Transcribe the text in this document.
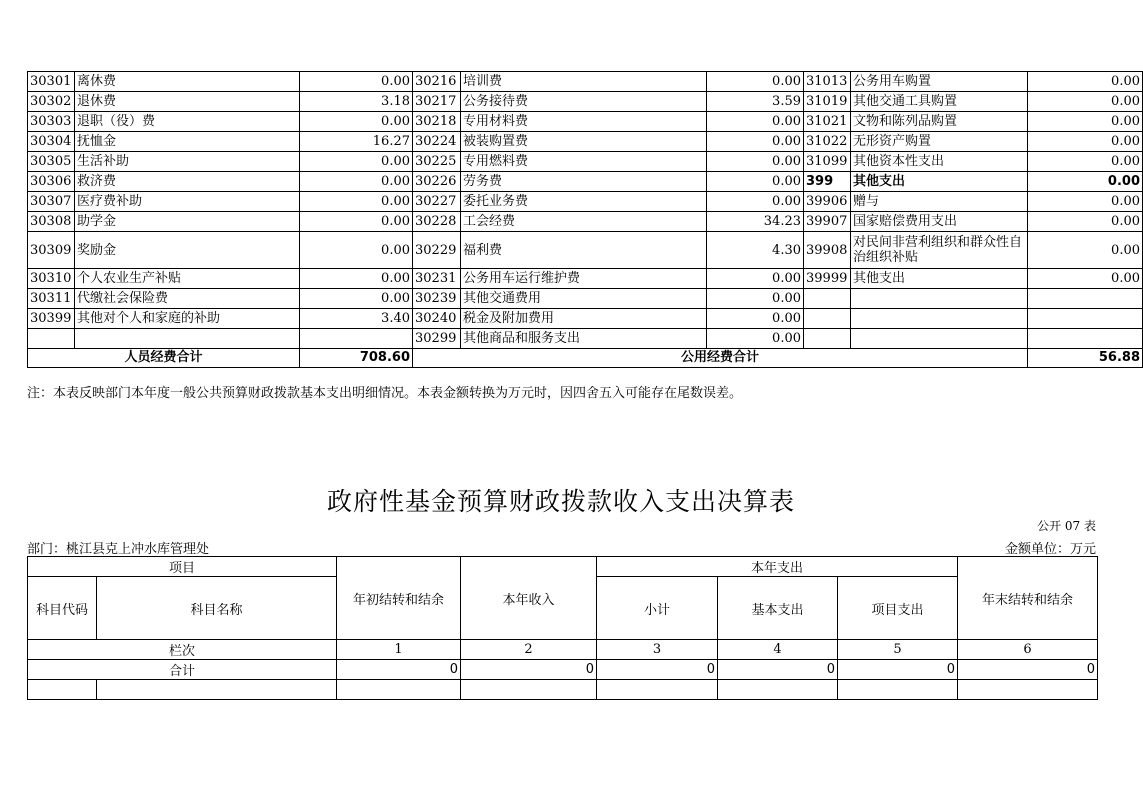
30301	离休费	0.00	30216	培训费	0.00	31013	公务用车购置	0.00
30302	退休费	3.18	30217	公务接待费	3.59	31019	其他交通工具购置	0.00
30303	退职（役）费	0.00	30218	专用材料费	0.00	31021	文物和陈列品购置	0.00
30304	抚恤金	16.27	30224	被装购置费	0.00	31022	无形资产购置	0.00
30305	生活补助	0.00	30225	专用燃料费	0.00	31099	其他资本性支出	0.00
30306	救济费	0.00	30226	劳务费	0.00	399	其他支出	0.00
30307	医疗费补助	0.00	30227	委托业务费	0.00	39906	赠与	0.00
30308	助学金	0.00	30228	工会经费	34.23	39907	国家赔偿费用支出	0.00
30309	奖励金	0.00	30229	福利费	4.30	39908	对民间非营利组织和群众性自治组织补贴	0.00
30310	个人农业生产补贴	0.00	30231	公务用车运行维护费	0.00	39999	其他支出	0.00
30311	代缴社会保险费	0.00	30239	其他交通费用	0.00			
30399	其他对个人和家庭的补助	3.40	30240	税金及附加费用	0.00			
			30299	其他商品和服务支出	0.00			
人员经费合计		708.60	公用经费合计					56.88
注：本表反映部门本年度一般公共预算财政拨款基本支出明细情况。本表金额转换为万元时，因四舍五入可能存在尾数误差。
政府性基金预算财政拨款收入支出决算表
公开 07 表
部门：桃江县克上冲水库管理处	金额单位：万元
项目		年初结转和结余	本年收入	本年支出			年末结转和结余
科目代码	科目名称			小计	基本支出	项目支出	

栏次		1	2	3	4	5	6
合计		0	0	0	0	0	0
